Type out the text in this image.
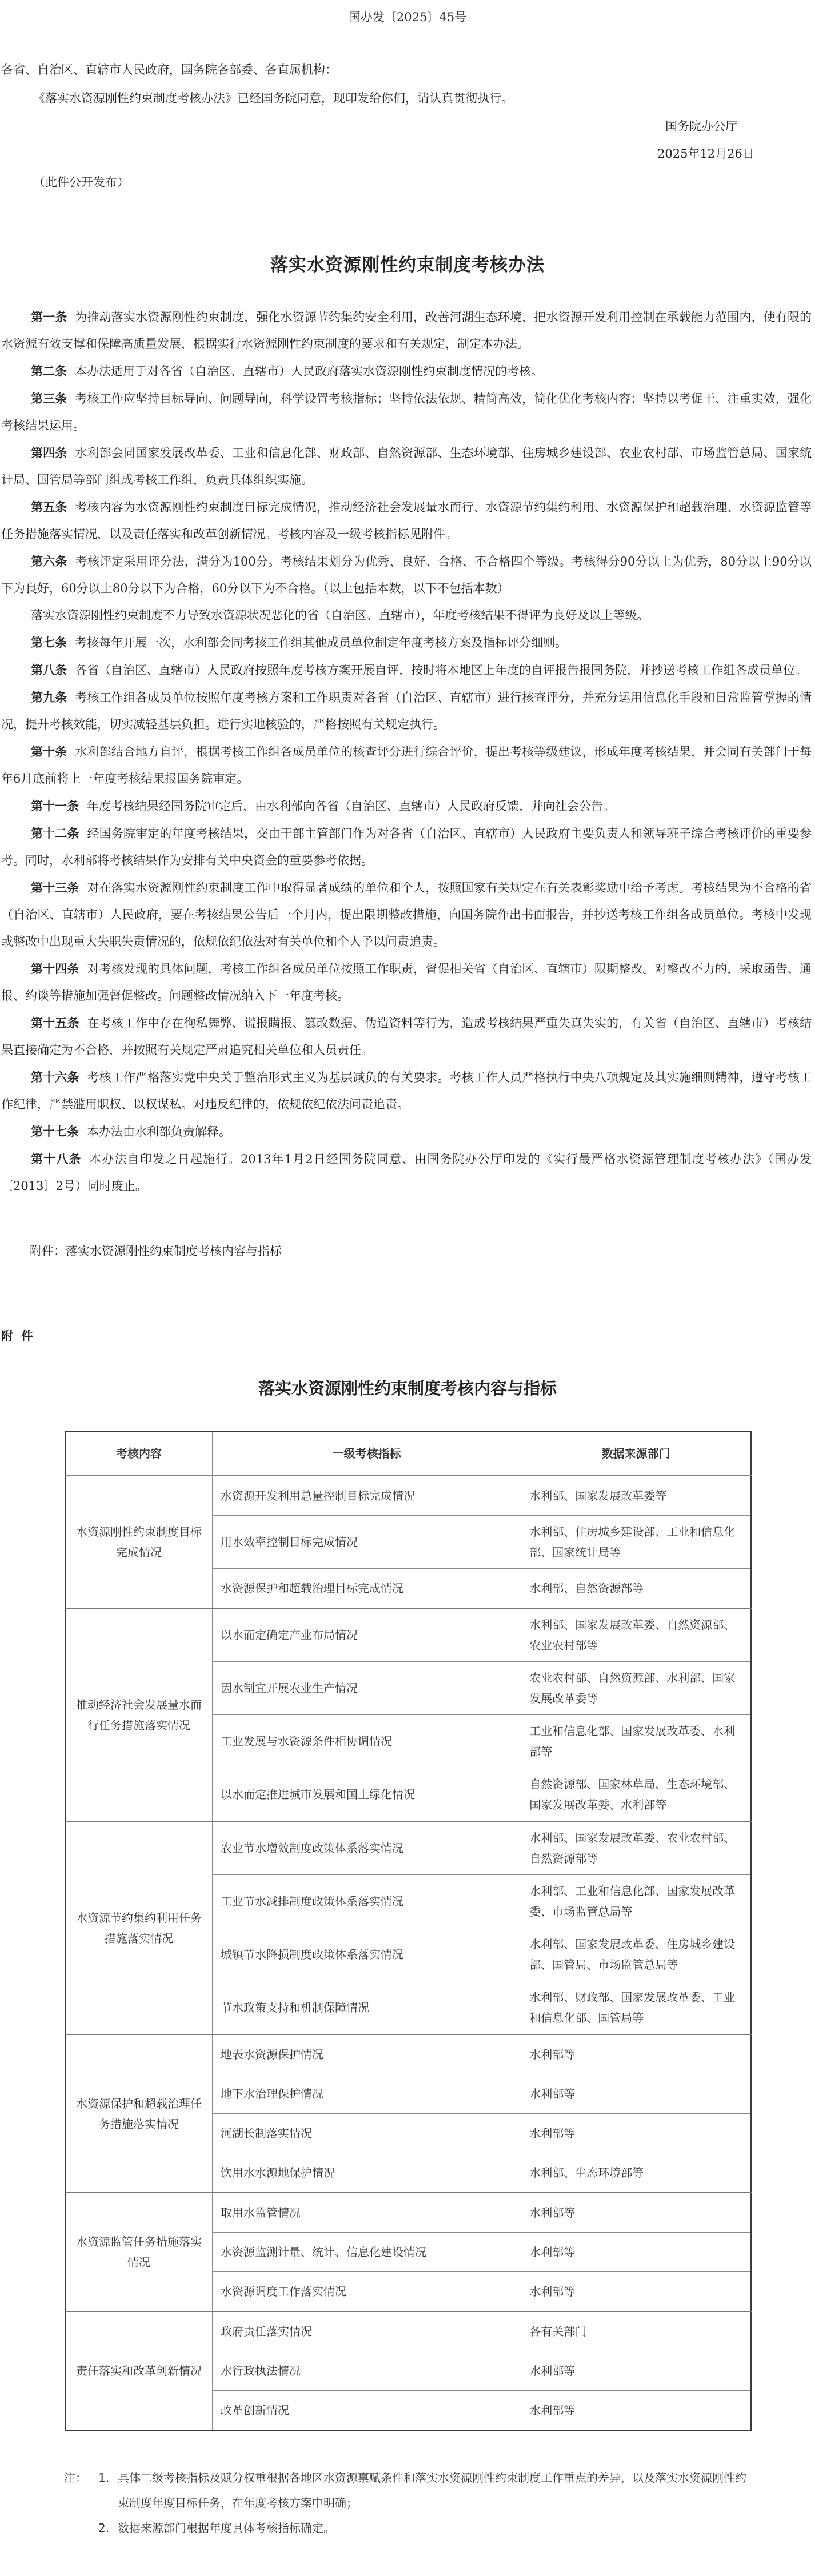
国办发〔2025〕45号
各省、自治区、直辖市人民政府，国务院各部委、各直属机构：
《落实水资源刚性约束制度考核办法》已经国务院同意，现印发给你们，请认真贯彻执行。
国务院办公厅
2025年12月26日
（此件公开发布）
落实水资源刚性约束制度考核办法

第一条 为推动落实水资源刚性约束制度，强化水资源节约集约安全利用，改善河湖生态环境，把水资源开发利用控制在承载能力范围内，使有限的水资源有效支撑和保障高质量发展，根据实行水资源刚性约束制度的要求和有关规定，制定本办法。

第二条 本办法适用于对各省（自治区、直辖市）人民政府落实水资源刚性约束制度情况的考核。

第三条 考核工作应坚持目标导向、问题导向，科学设置考核指标；坚持依法依规、精简高效，简化优化考核内容；坚持以考促干、注重实效，强化考核结果运用。

第四条 水利部会同国家发展改革委、工业和信息化部、财政部、自然资源部、生态环境部、住房城乡建设部、农业农村部、市场监管总局、国家统计局、国管局等部门组成考核工作组，负责具体组织实施。

第五条 考核内容为水资源刚性约束制度目标完成情况，推动经济社会发展量水而行、水资源节约集约利用、水资源保护和超载治理、水资源监管等任务措施落实情况，以及责任落实和改革创新情况。考核内容及一级考核指标见附件。

第六条 考核评定采用评分法，满分为100分。考核结果划分为优秀、良好、合格、不合格四个等级。考核得分90分以上为优秀，80分以上90分以下为良好，60分以上80分以下为合格，60分以下为不合格。（以上包括本数，以下不包括本数）

落实水资源刚性约束制度不力导致水资源状况恶化的省（自治区、直辖市），年度考核结果不得评为良好及以上等级。

第七条 考核每年开展一次，水利部会同考核工作组其他成员单位制定年度考核方案及指标评分细则。

第八条 各省（自治区、直辖市）人民政府按照年度考核方案开展自评，按时将本地区上年度的自评报告报国务院，并抄送考核工作组各成员单位。

第九条 考核工作组各成员单位按照年度考核方案和工作职责对各省（自治区、直辖市）进行核查评分，并充分运用信息化手段和日常监管掌握的情况，提升考核效能，切实减轻基层负担。进行实地核验的，严格按照有关规定执行。

第十条 水利部结合地方自评，根据考核工作组各成员单位的核查评分进行综合评价，提出考核等级建议，形成年度考核结果，并会同有关部门于每年6月底前将上一年度考核结果报国务院审定。

第十一条 年度考核结果经国务院审定后，由水利部向各省（自治区、直辖市）人民政府反馈，并向社会公告。

第十二条 经国务院审定的年度考核结果，交由干部主管部门作为对各省（自治区、直辖市）人民政府主要负责人和领导班子综合考核评价的重要参考。同时，水利部将考核结果作为安排有关中央资金的重要参考依据。

第十三条 对在落实水资源刚性约束制度工作中取得显著成绩的单位和个人，按照国家有关规定在有关表彰奖励中给予考虑。考核结果为不合格的省（自治区、直辖市）人民政府，要在考核结果公告后一个月内，提出限期整改措施，向国务院作出书面报告，并抄送考核工作组各成员单位。考核中发现或整改中出现重大失职失责情况的，依规依纪依法对有关单位和个人予以问责追责。

第十四条 对考核发现的具体问题，考核工作组各成员单位按照工作职责，督促相关省（自治区、直辖市）限期整改。对整改不力的，采取函告、通报、约谈等措施加强督促整改。问题整改情况纳入下一年度考核。

第十五条 在考核工作中存在徇私舞弊、谎报瞒报、篡改数据、伪造资料等行为，造成考核结果严重失真失实的，有关省（自治区、直辖市）考核结果直接确定为不合格，并按照有关规定严肃追究相关单位和人员责任。

第十六条 考核工作严格落实党中央关于整治形式主义为基层减负的有关要求。考核工作人员严格执行中央八项规定及其实施细则精神，遵守考核工作纪律，严禁滥用职权、以权谋私。对违反纪律的，依规依纪依法问责追责。

第十七条 本办法由水利部负责解释。

第十八条 本办法自印发之日起施行。2013年1月2日经国务院同意、由国务院办公厅印发的《实行最严格水资源管理制度考核办法》（国办发〔2013〕2号）同时废止。

附件：落实水资源刚性约束制度考核内容与指标
附件
落实水资源刚性约束制度考核内容与指标
考核内容	一级考核指标	数据来源部门
水资源刚性约束制度目标完成情况	水资源开发利用总量控制目标完成情况	水利部、国家发展改革委等
	用水效率控制目标完成情况	水利部、住房城乡建设部、工业和信息化部、国家统计局等
	水资源保护和超载治理目标完成情况	水利部、自然资源部等
推动经济社会发展量水而行任务措施落实情况	以水而定确定产业布局情况	水利部、国家发展改革委、自然资源部、农业农村部等
	因水制宜开展农业生产情况	农业农村部、自然资源部、水利部、国家发展改革委等
	工业发展与水资源条件相协调情况	工业和信息化部、国家发展改革委、水利部等
	以水而定推进城市发展和国土绿化情况	自然资源部、国家林草局、生态环境部、国家发展改革委、水利部等
水资源节约集约利用任务措施落实情况	农业节水增效制度政策体系落实情况	水利部、国家发展改革委、农业农村部、自然资源部等
	工业节水减排制度政策体系落实情况	水利部、工业和信息化部、国家发展改革委、市场监管总局等
	城镇节水降损制度政策体系落实情况	水利部、国家发展改革委、住房城乡建设部、国管局、市场监管总局等
	节水政策支持和机制保障情况	水利部、财政部、国家发展改革委、工业和信息化部、国管局等
水资源保护和超载治理任务措施落实情况	地表水资源保护情况	水利部等
	地下水治理保护情况	水利部等
	河湖长制落实情况	水利部等
	饮用水水源地保护情况	水利部、生态环境部等
水资源监管任务措施落实情况	取用水监管情况	水利部等
	水资源监测计量、统计、信息化建设情况	水利部等
	水资源调度工作落实情况	水利部等
责任落实和改革创新情况	政府责任落实情况	各有关部门
	水行政执法情况	水利部等
	改革创新情况	水利部等
注：	1. 具体二级考核指标及赋分权重根据各地区水资源禀赋条件和落实水资源刚性约束制度工作重点的差异，以及落实水资源刚性约束制度年度目标任务，在年度考核方案中明确；
2. 数据来源部门根据年度具体考核指标确定。
